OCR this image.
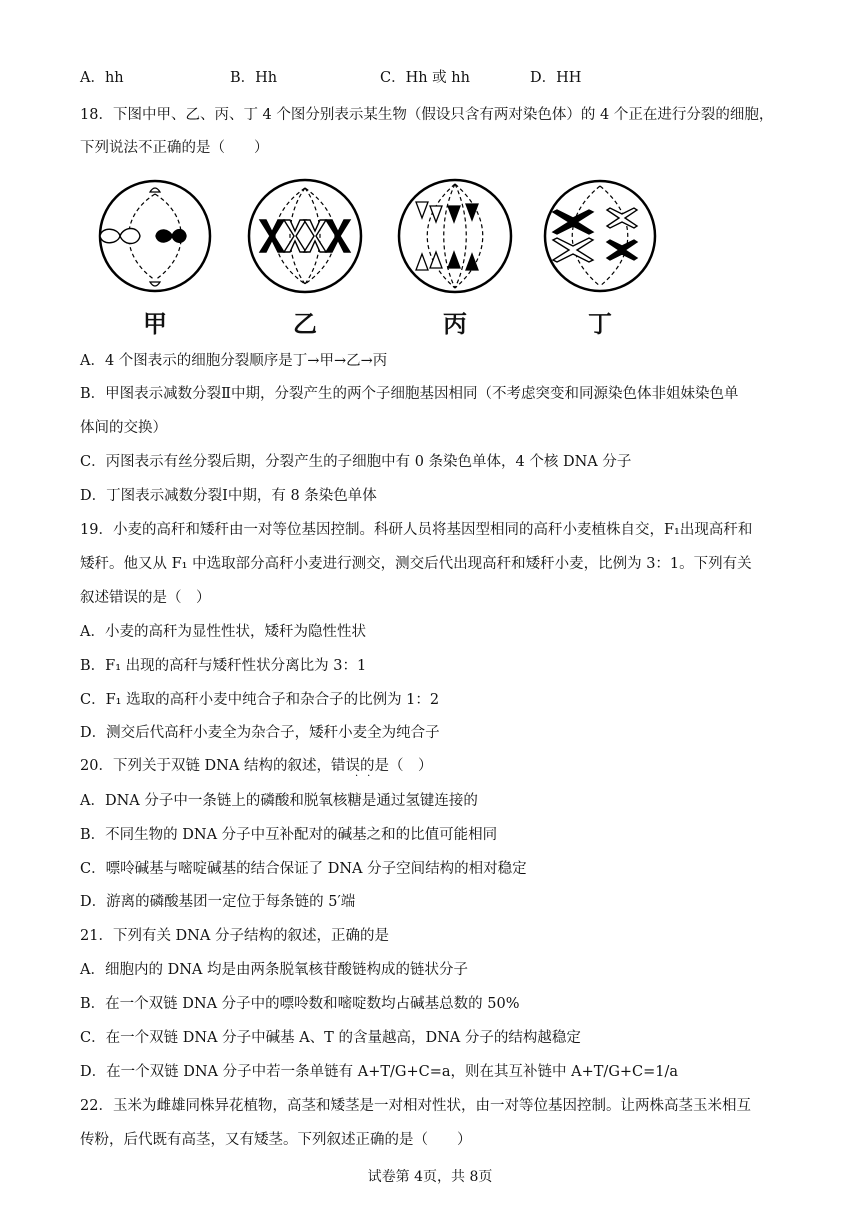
A．hh	B．Hh	C．Hh 或 hh	D．HH
18．下图中甲、乙、丙、丁 4 个图分别表示某生物（假设只含有两对染色体）的 4 个正在进行分裂的细胞，
下列说法不正确的是（　　）
甲	乙	丙	丁
A．4 个图表示的细胞分裂顺序是丁→甲→乙→丙
B．甲图表示减数分裂Ⅱ中期，分裂产生的两个子细胞基因相同（不考虑突变和同源染色体非姐妹染色单
体间的交换）
C．丙图表示有丝分裂后期，分裂产生的子细胞中有 0 条染色单体，4 个核 DNA 分子
D．丁图表示减数分裂Ⅰ中期，有 8 条染色单体
19．小麦的高秆和矮秆由一对等位基因控制。科研人员将基因型相同的高秆小麦植株自交，F₁出现高秆和
矮秆。他又从 F₁ 中选取部分高秆小麦进行测交，测交后代出现高秆和矮秆小麦，比例为 3：1。下列有关
叙述错误的是（　）
A．小麦的高秆为显性性状，矮秆为隐性性状
B．F₁ 出现的高秆与矮秆性状分离比为 3：1
C．F₁ 选取的高秆小麦中纯合子和杂合子的比例为 1：2
D．测交后代高秆小麦全为杂合子，矮秆小麦全为纯合子
20．下列关于双链 DNA 结构的叙述，错误的是（　）
··
A．DNA 分子中一条链上的磷酸和脱氧核糖是通过氢键连接的
B．不同生物的 DNA 分子中互补配对的碱基之和的比值可能相同
C．嘌呤碱基与嘧啶碱基的结合保证了 DNA 分子空间结构的相对稳定
D．游离的磷酸基团一定位于每条链的 5′端
21．下列有关 DNA 分子结构的叙述，正确的是
A．细胞内的 DNA 均是由两条脱氧核苷酸链构成的链状分子
B．在一个双链 DNA 分子中的嘌呤数和嘧啶数均占碱基总数的 50%
C．在一个双链 DNA 分子中碱基 A、T 的含量越高，DNA 分子的结构越稳定
D．在一个双链 DNA 分子中若一条单链有 A+T/G+C=a，则在其互补链中 A+T/G+C=1/a
22．玉米为雌雄同株异花植物，高茎和矮茎是一对相对性状，由一对等位基因控制。让两株高茎玉米相互
传粉，后代既有高茎，又有矮茎。下列叙述正确的是（　　）
试卷第 4页，共 8页
